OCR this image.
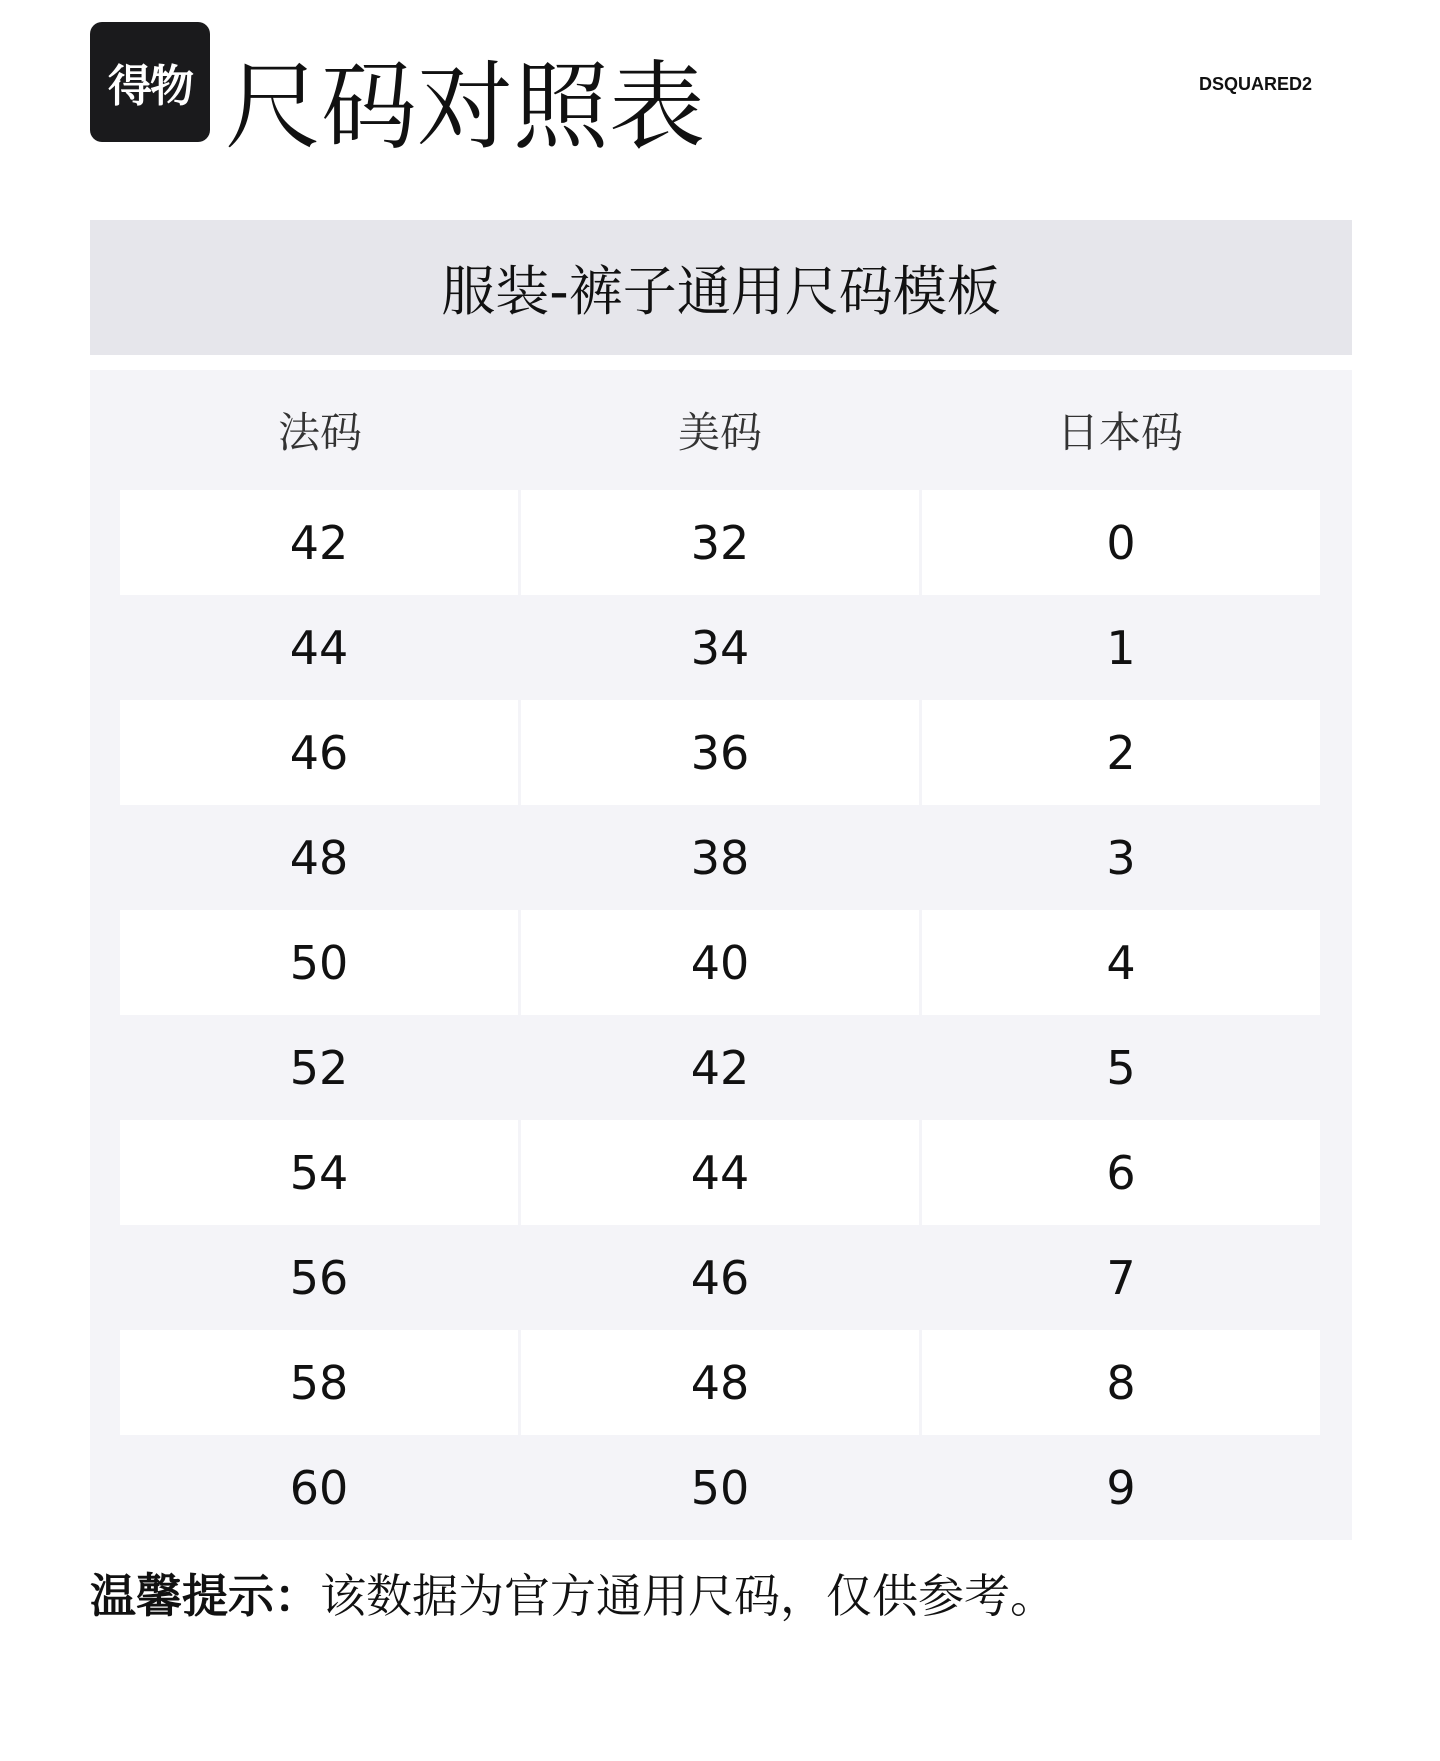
得物 尺码对照表	DSQUARED2
服装-裤子通用尺码模板
法码	美码	日本码
42	32	0
44	34	1
46	36	2
48	38	3
50	40	4
52	42	5
54	44	6
56	46	7
58	48	8
60	50	9
温馨提示：该数据为官方通用尺码，仅供参考。
